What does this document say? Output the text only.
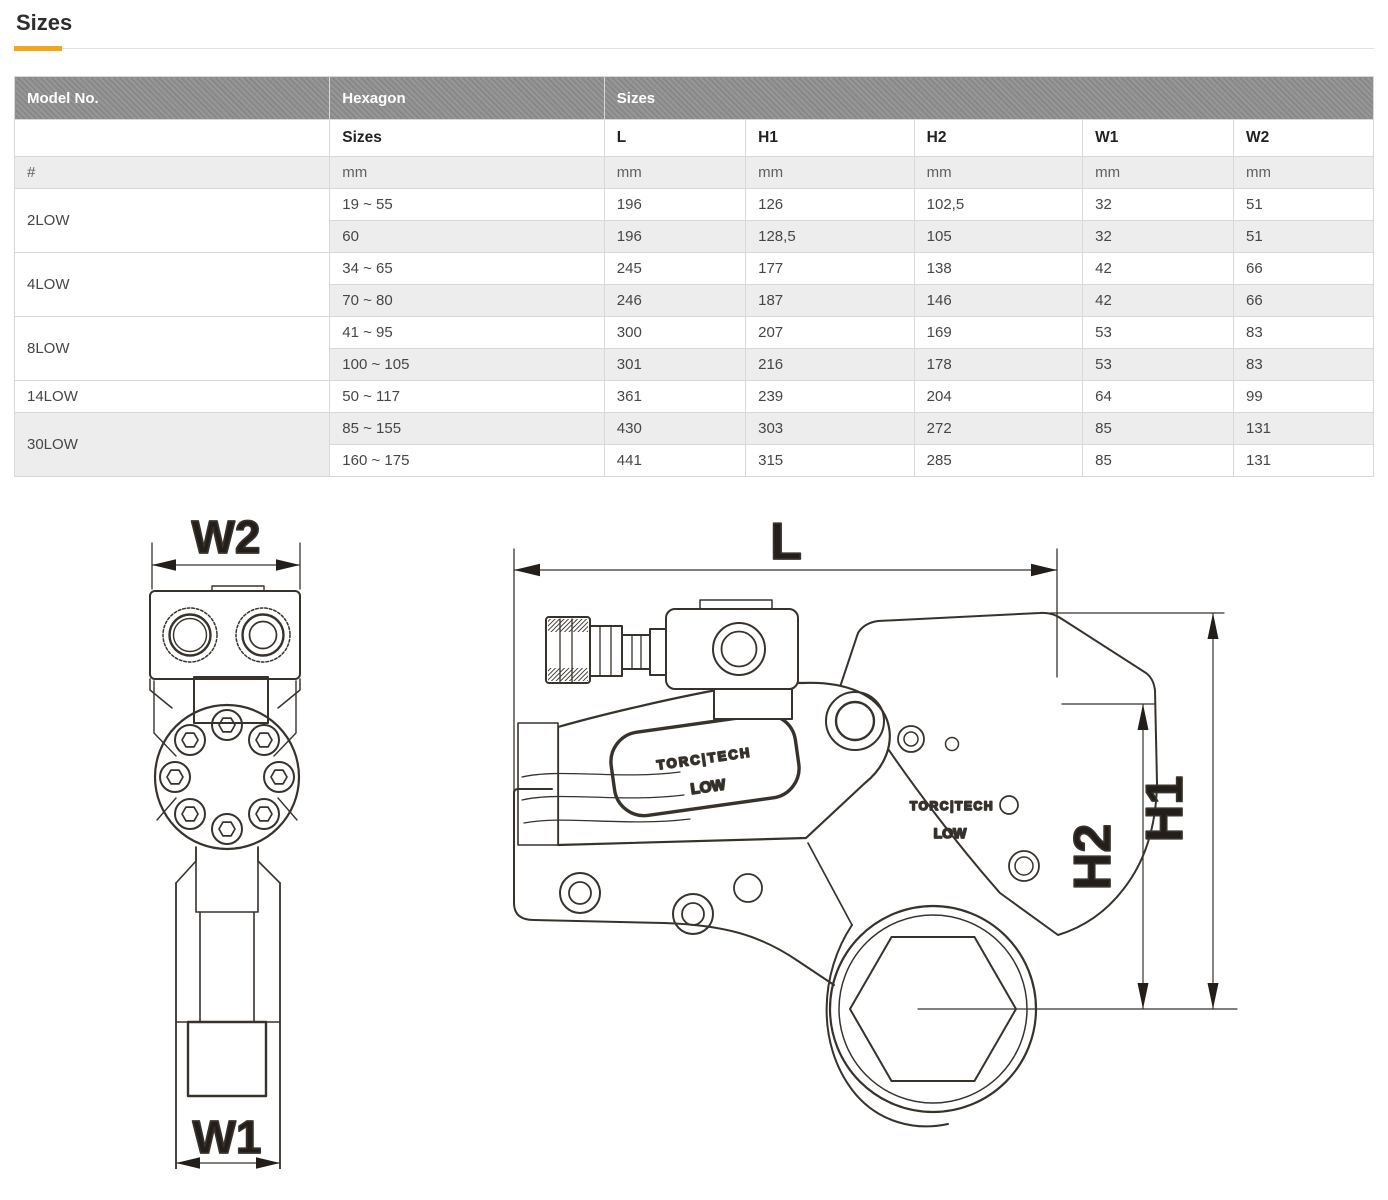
Sizes
Model No.	Hexagon	Sizes				
	Sizes	L	H1	H2	W1	W2
#	mm	mm	mm	mm	mm	mm
2LOW	19 ~ 55	196	126	102,5	32	51
	60	196	128,5	105	32	51
4LOW	34 ~ 65	245	177	138	42	66
	70 ~ 80	246	187	146	42	66
8LOW	41 ~ 95	300	207	169	53	83
	100 ~ 105	301	216	178	53	83
14LOW	50 ~ 117	361	239	204	64	99
30LOW	85 ~ 155	430	303	272	85	131
	160 ~ 175	441	315	285	85	131
W2
W1
TORC|TECH
LOW
TORC|TECH
LOW
L
H2
H1
